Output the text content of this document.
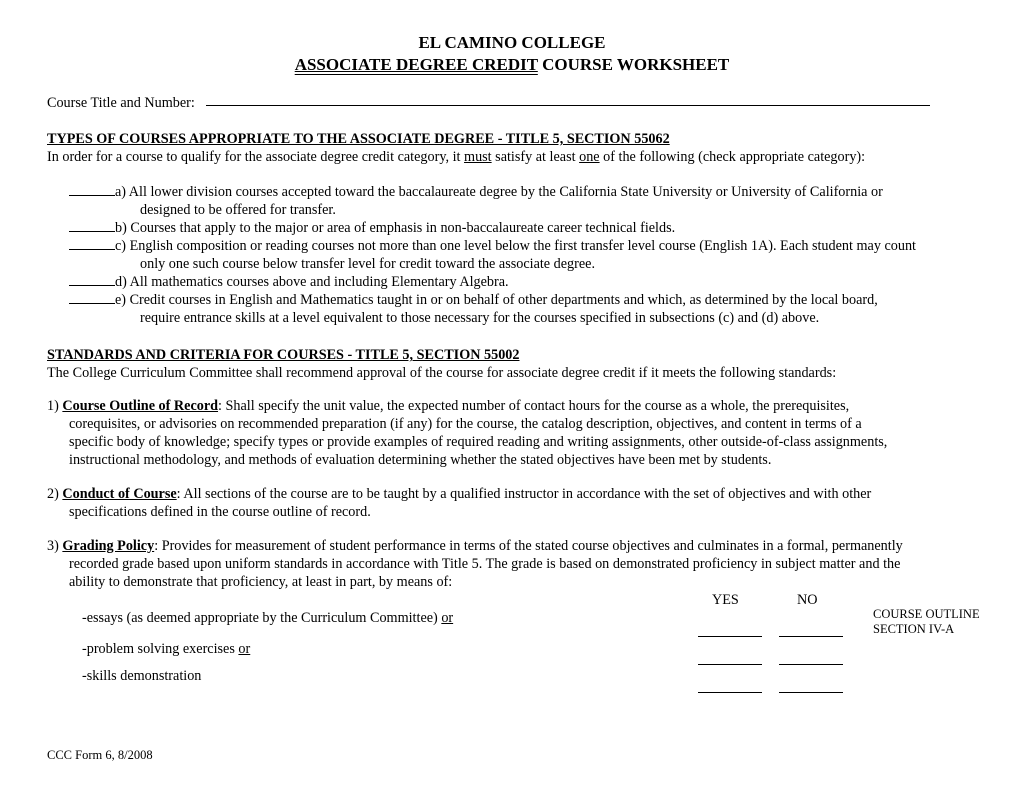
EL CAMINO COLLEGE
ASSOCIATE DEGREE CREDIT COURSE WORKSHEET
Course Title and Number:
TYPES OF COURSES APPROPRIATE TO THE ASSOCIATE DEGREE - TITLE 5, SECTION 55062
In order for a course to qualify for the associate degree credit category, it must satisfy at least one of the following (check appropriate category):
a) All lower division courses accepted toward the baccalaureate degree by the California State University or University of California or
designed to be offered for transfer.
b) Courses that apply to the major or area of emphasis in non-baccalaureate career technical fields.
c) English composition or reading courses not more than one level below the first transfer level course (English 1A). Each student may count
only one such course below transfer level for credit toward the associate degree.
d) All mathematics courses above and including Elementary Algebra.
e) Credit courses in English and Mathematics taught in or on behalf of other departments and which, as determined by the local board,
require entrance skills at a level equivalent to those necessary for the courses specified in subsections (c) and (d) above.
STANDARDS AND CRITERIA FOR COURSES - TITLE 5, SECTION 55002
The College Curriculum Committee shall recommend approval of the course for associate degree credit if it meets the following standards:
1) Course Outline of Record: Shall specify the unit value, the expected number of contact hours for the course as a whole, the prerequisites,
corequisites, or advisories on recommended preparation (if any) for the course, the catalog description, objectives, and content in terms of a
specific body of knowledge; specify types or provide examples of required reading and writing assignments, other outside-of-class assignments,
instructional methodology, and methods of evaluation determining whether the stated objectives have been met by students.
2) Conduct of Course: All sections of the course are to be taught by a qualified instructor in accordance with the set of objectives and with other
specifications defined in the course outline of record.
3) Grading Policy: Provides for measurement of student performance in terms of the stated course objectives and culminates in a formal, permanently
recorded grade based upon uniform standards in accordance with Title 5. The grade is based on demonstrated proficiency in subject matter and the
ability to demonstrate that proficiency, at least in part, by means of:
YES	NO
-essays (as deemed appropriate by the Curriculum Committee) or
-problem solving exercises or
-skills demonstration
COURSE OUTLINE
SECTION IV-A
CCC Form 6, 8/2008
